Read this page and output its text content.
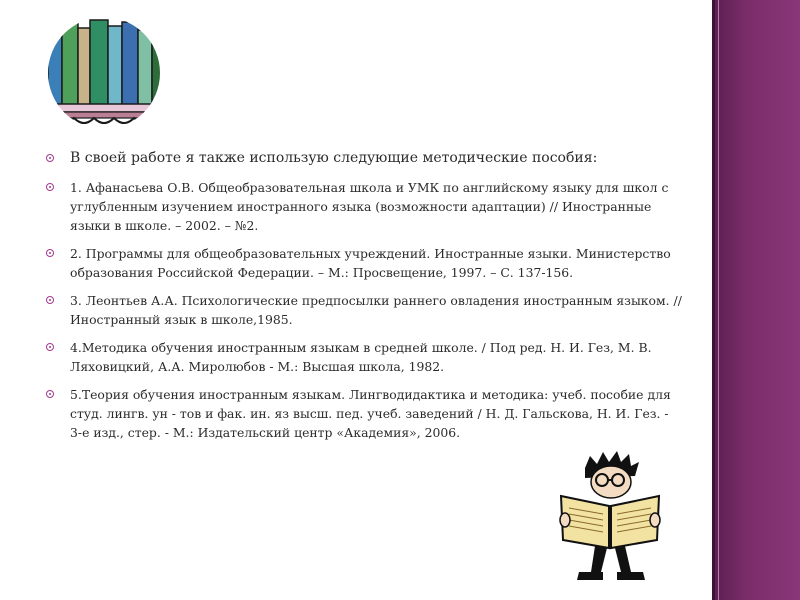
В своей работе я также использую следующие методические пособия:
1. Афанасьева О.В. Общеобразовательная школа и УМК по английскому языку для школ с углубленным изучением иностранного языка (возможности адаптации) // Иностранные языки в школе. – 2002. – №2.
2. Программы для общеобразовательных учреждений. Иностранные языки. Министерство образования Российской Федерации. – М.: Просвещение, 1997. – С. 137-156.
3. Леонтьев А.А. Психологические предпосылки раннего овладения иностранным языком. // Иностранный язык в школе,1985.
4.Методика обучения иностранным языкам в средней школе. / Под ред. Н. И. Гез, М. В. Ляховицкий, А.А. Миролюбов - М.: Высшая школа, 1982.
5.Теория обучения иностранным языкам. Лингводидактика и методика: учеб. пособие для студ. лингв. ун - тов и фак. ин. яз высш. пед. учеб. заведений / Н. Д. Гальскова, Н. И. Гез. - 3-е изд., стер. - М.: Издательский центр «Академия», 2006.
